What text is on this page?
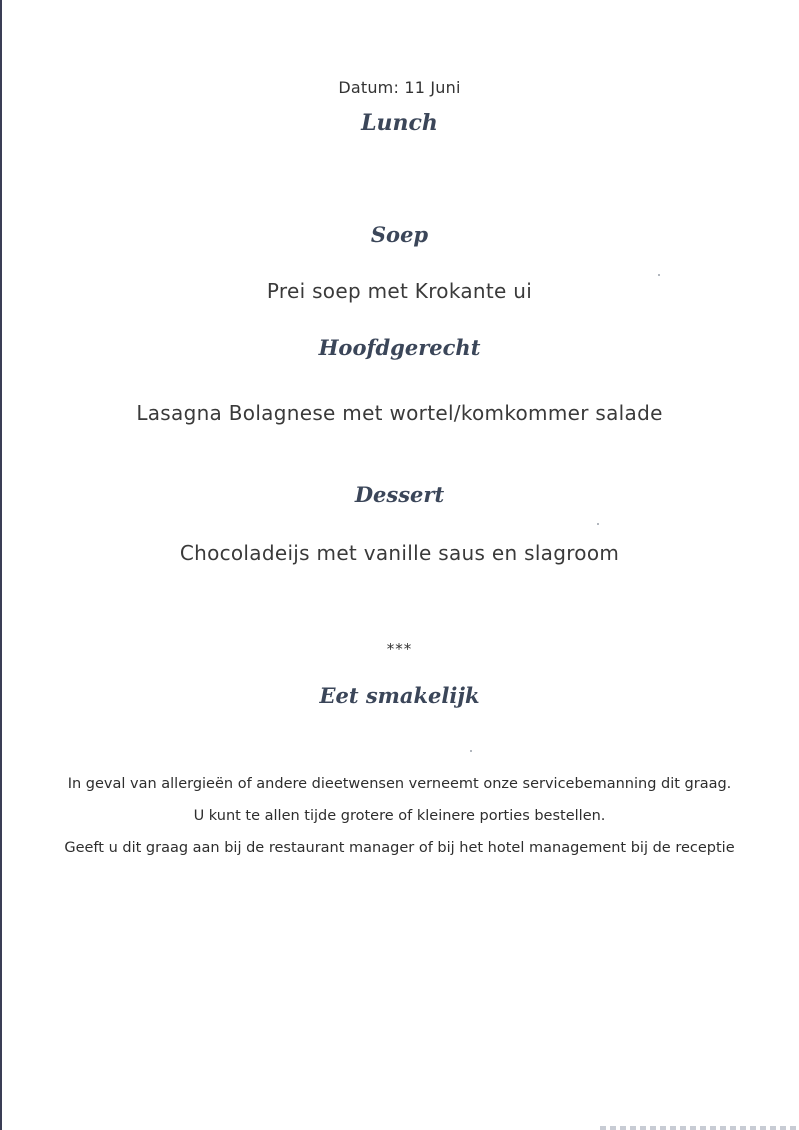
Datum: 11 Juni
Lunch
Soep
Prei soep met Krokante ui
Hoofdgerecht
Lasagna Bolagnese met wortel/komkommer salade
Dessert
Chocoladeijs met vanille saus en slagroom
***
Eet smakelijk
In geval van allergieën of andere dieetwensen verneemt onze servicebemanning dit graag.
U kunt te allen tijde grotere of kleinere porties bestellen.
Geeft u dit graag aan bij de restaurant manager of bij het hotel management bij de receptie
